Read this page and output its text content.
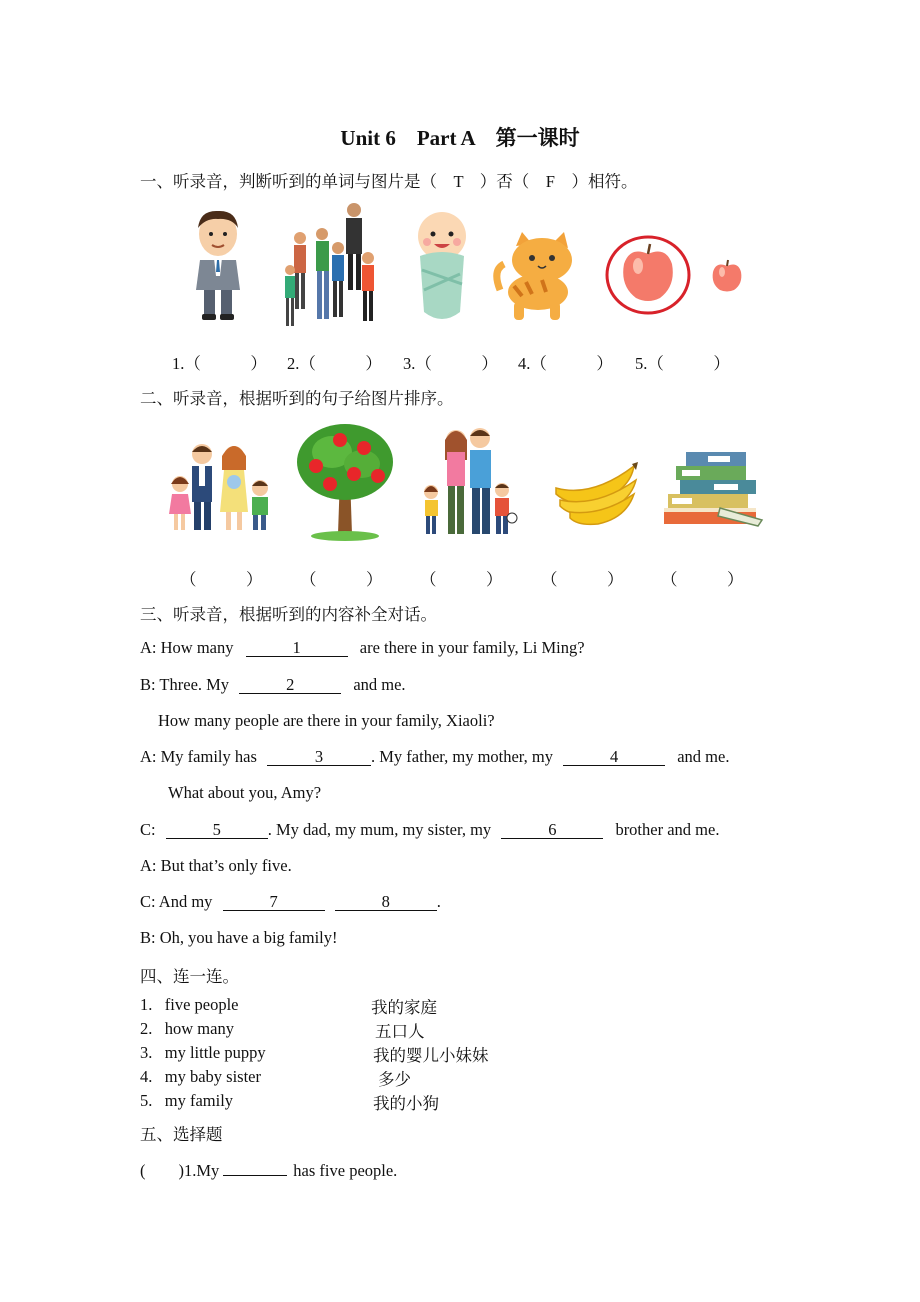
Unit 6　Part A　第一课时
一、听录音，判断听到的单词与图片是（　T　）否（　F　）相符。
1.（　　　） 2.（　　　） 3.（　　　） 4.（　　　） 5.（　　　）
二、听录音，根据听到的句子给图片排序。
（　　　） （　　　） （　　　） （　　　） （　　　）
三、听录音，根据听到的内容补全对话。
A: How many	1	are there in your family, Li Ming?
B: Three. My	2	and me.
How many people are there in your family, Xiaoli?
A: My family has	3	. My father, my mother, my	4	and me.
What about you, Amy?
C:	5	. My dad, my mum, my sister, my	6	brother and me.
A: But that’s only five.
C: And my	7	8	.
B: Oh, you have a big family!
四、连一连。
1.   five people
2.   how many
3.   my little puppy
4.   my baby sister
5.   my family
我的家庭
五口人
我的婴儿小妹妹
多少
我的小狗
五、选择题
(　　)1.My	has five people.
